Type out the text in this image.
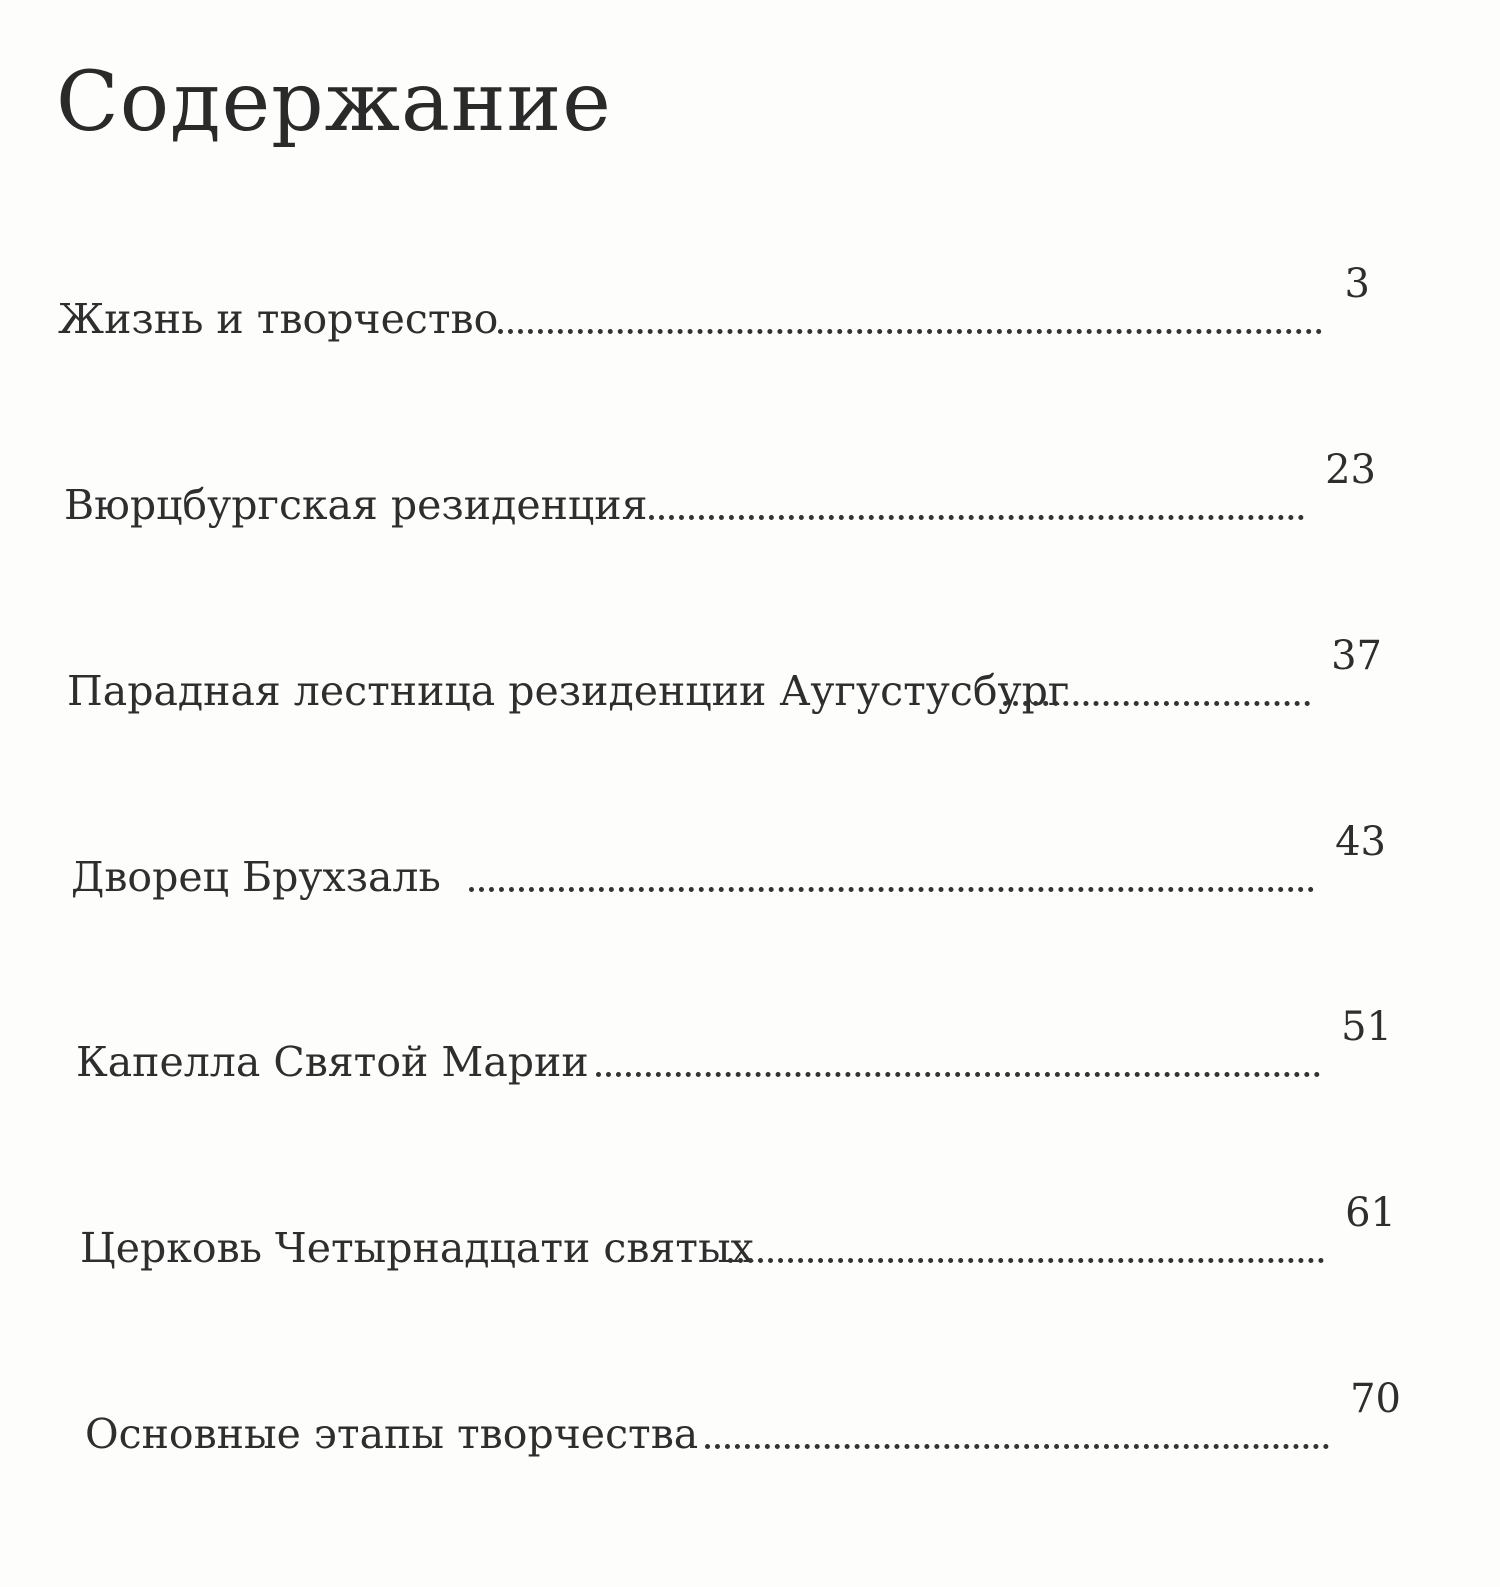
Содержание
Жизнь и творчество
3
Вюрцбургская резиденция
23
Парадная лестница резиденции Аугустусбург
37
Дворец Брухзаль
43
Капелла Святой Марии
51
Церковь Четырнадцати святых
61
Основные этапы творчества
70
